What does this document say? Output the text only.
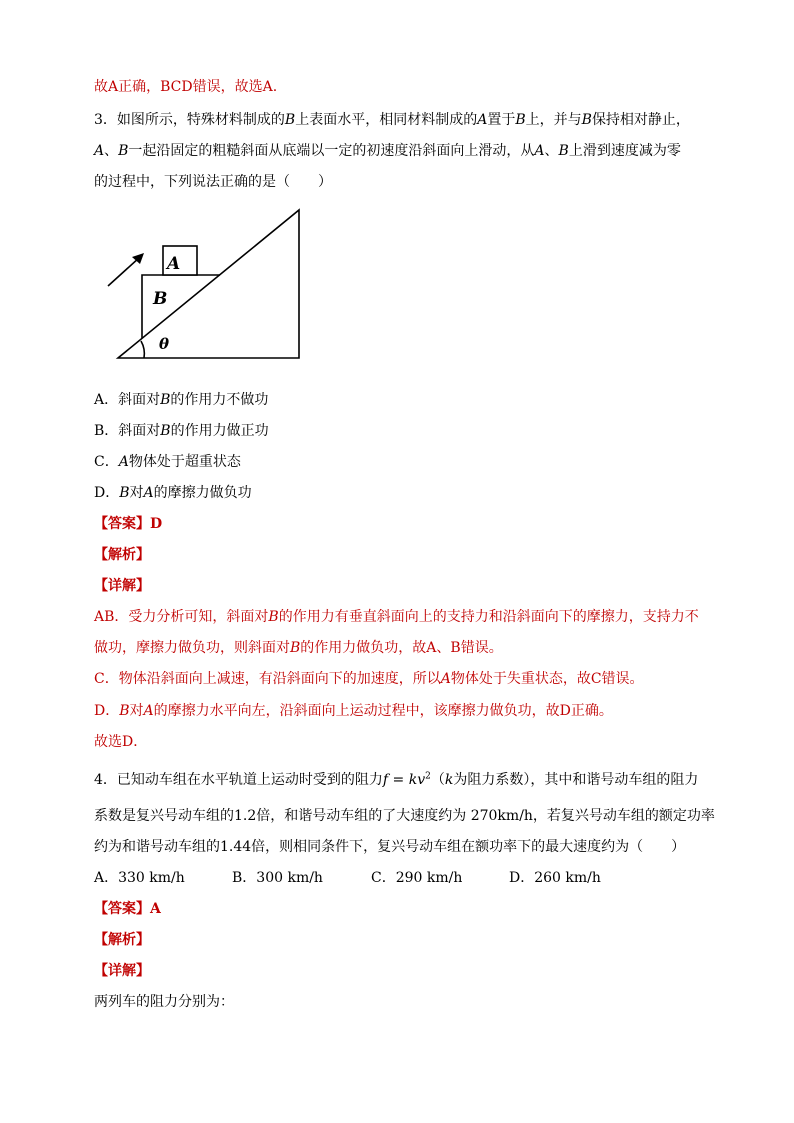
故A正确，BCD错误，故选A.
3．如图所示，特殊材料制成的B上表面水平，相同材料制成的A置于B上，并与B保持相对静止，
A、B一起沿固定的粗糙斜面从底端以一定的初速度沿斜面向上滑动，从A、B上滑到速度减为零
的过程中，下列说法正确的是（　　）
A
B
θ
A．斜面对B的作用力不做功
B．斜面对B的作用力做正功
C．A物体处于超重状态
D．B对A的摩擦力做负功
【答案】D
【解析】
【详解】
AB．受力分析可知，斜面对B的作用力有垂直斜面向上的支持力和沿斜面向下的摩擦力，支持力不
做功，摩擦力做负功，则斜面对B的作用力做负功，故A、B错误。
C．物体沿斜面向上减速，有沿斜面向下的加速度，所以A物体处于失重状态，故C错误。
D．B对A的摩擦力水平向左，沿斜面向上运动过程中，该摩擦力做负功，故D正确。
故选D．
4．已知动车组在水平轨道上运动时受到的阻力$f = kv^2(k$为阻力系数），其中和谐号动车组的阻力
系数是复兴号动车组的1.2倍，和谐号动车组的了大速度约为 270km/h，若复兴号动车组的额定功率
约为和谐号动车组的1.44倍，则相同条件下，复兴号动车组在额功率下的最大速度约为（　　）
A．330 km/h	B．300 km/h	C．290 km/h	D．260 km/h
【答案】A
【解析】
【详解】
两列车的阻力分别为：
